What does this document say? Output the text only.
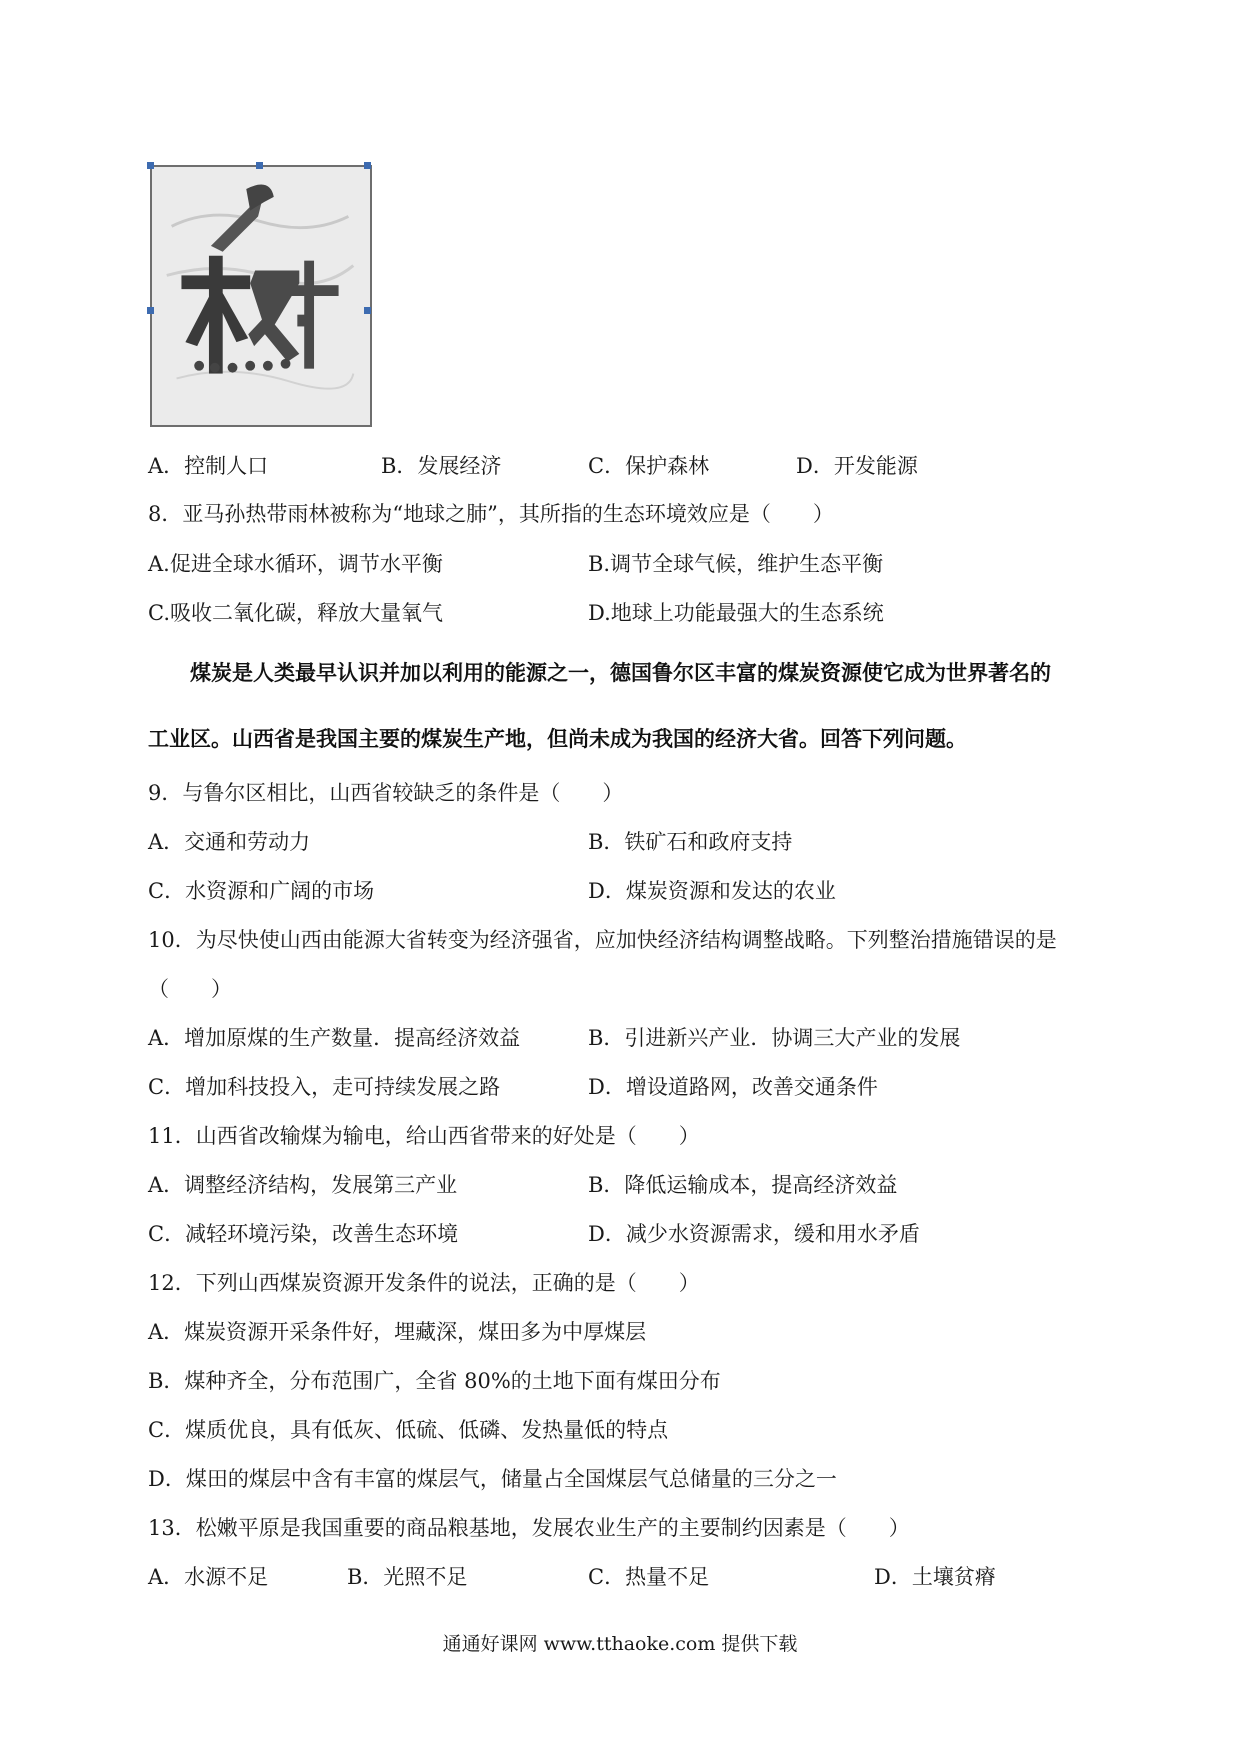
A．控制人口	B．发展经济	C．保护森林	D．开发能源
8．亚马孙热带雨林被称为“地球之肺”，其所指的生态环境效应是（　　）
A.促进全球水循环，调节水平衡	B.调节全球气候，维护生态平衡
C.吸收二氧化碳，释放大量氧气	D.地球上功能最强大的生态系统
煤炭是人类最早认识并加以利用的能源之一，德国鲁尔区丰富的煤炭资源使它成为世界著名的
工业区。山西省是我国主要的煤炭生产地，但尚未成为我国的经济大省。回答下列问题。
9．与鲁尔区相比，山西省较缺乏的条件是（　　）
A．交通和劳动力	B．铁矿石和政府支持
C．水资源和广阔的市场	D．煤炭资源和发达的农业
10．为尽快使山西由能源大省转变为经济强省，应加快经济结构调整战略。下列整治措施错误的是
（　　）
A．增加原煤的生产数量．提高经济效益	B．引进新兴产业．协调三大产业的发展
C．增加科技投入，走可持续发展之路	D．增设道路网，改善交通条件
11．山西省改输煤为输电，给山西省带来的好处是（　　）
A．调整经济结构，发展第三产业	B．降低运输成本，提高经济效益
C．减轻环境污染，改善生态环境	D．减少水资源需求，缓和用水矛盾
12．下列山西煤炭资源开发条件的说法，正确的是（　　）
A．煤炭资源开采条件好，埋藏深，煤田多为中厚煤层
B．煤种齐全，分布范围广，全省 80%的土地下面有煤田分布
C．煤质优良，具有低灰、低硫、低磷、发热量低的特点
D．煤田的煤层中含有丰富的煤层气，储量占全国煤层气总储量的三分之一
13．松嫩平原是我国重要的商品粮基地，发展农业生产的主要制约因素是（　　）
A．水源不足	B．光照不足	C．热量不足	D．土壤贫瘠
通通好课网 www.tthaoke.com 提供下载
